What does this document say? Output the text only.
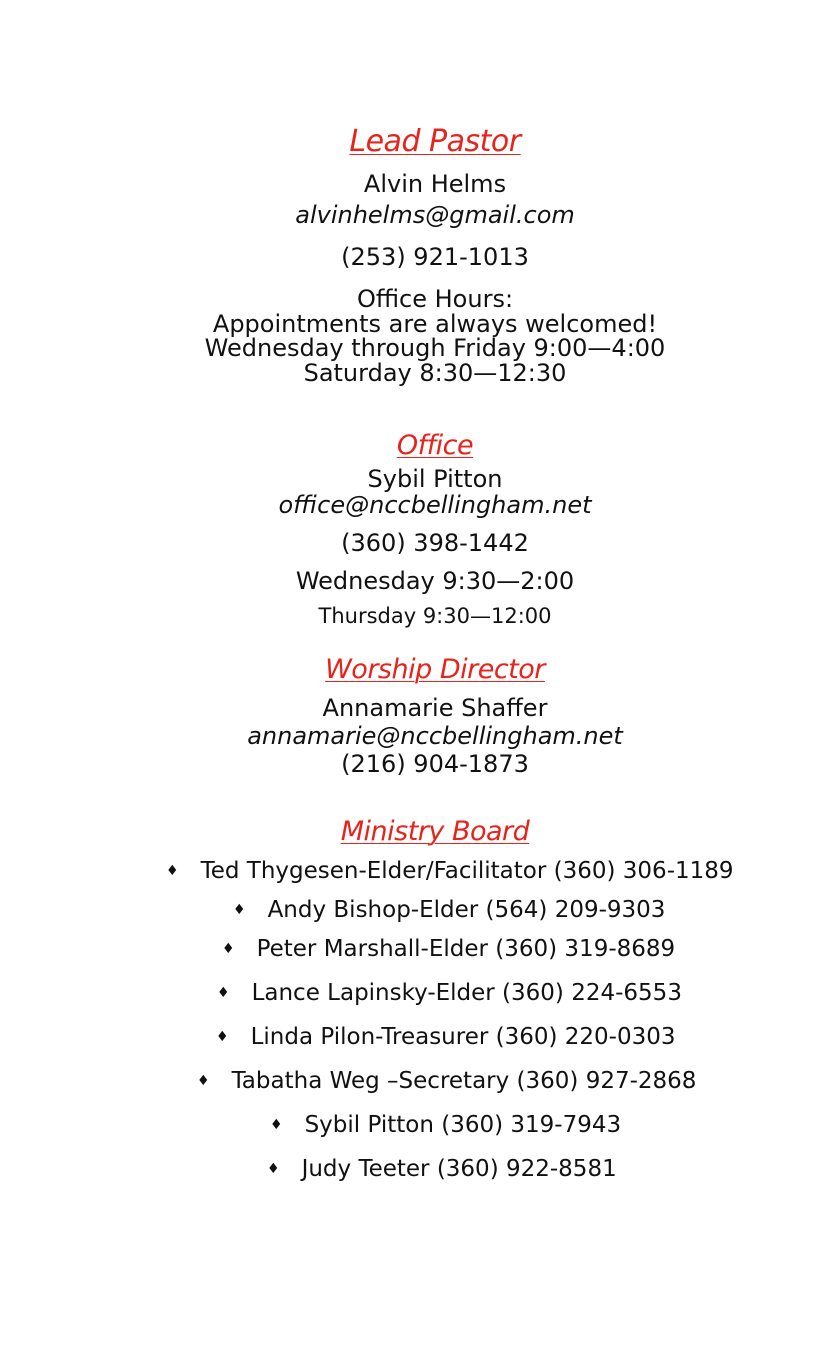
Lead Pastor
Alvin Helms
alvinhelms@gmail.com
(253) 921-1013
Office Hours:
Appointments are always welcomed!
Wednesday through Friday 9:00—4:00
Saturday 8:30—12:30
Office
Sybil Pitton
office@nccbellingham.net
(360) 398-1442
Wednesday 9:30—2:00
Thursday 9:30—12:00
Worship Director
Annamarie Shaffer
annamarie@nccbellingham.net
(216) 904-1873
Ministry Board
♦ Ted Thygesen-Elder/Facilitator (360) 306-1189
♦ Andy Bishop-Elder (564) 209-9303
♦ Peter Marshall-Elder (360) 319-8689
♦ Lance Lapinsky-Elder (360) 224-6553
♦ Linda Pilon-Treasurer (360) 220-0303
♦ Tabatha Weg –Secretary (360) 927-2868
♦ Sybil Pitton (360) 319-7943
♦ Judy Teeter (360) 922-8581
